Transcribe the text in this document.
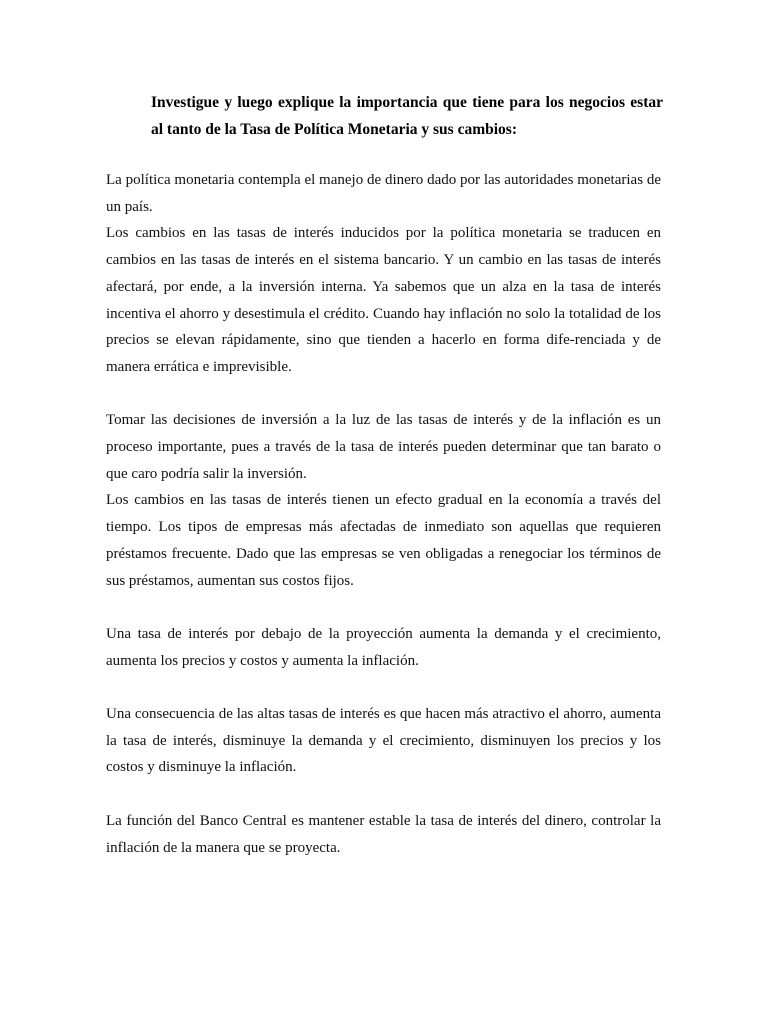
Investigue y luego explique la importancia que tiene para los negocios estar al tanto de la Tasa de Política Monetaria y sus cambios:

La política monetaria contempla el manejo de dinero dado por las autoridades monetarias de un país.

Los cambios en las tasas de interés inducidos por la política monetaria se traducen en cambios en las tasas de interés en el sistema bancario. Y un cambio en las tasas de interés afectará, por ende, a la inversión interna. Ya sabemos que un alza en la tasa de interés incentiva el ahorro y desestimula el crédito. Cuando hay inflación no solo la totalidad de los precios se elevan rápidamente, sino que tienden a hacerlo en forma dife-renciada y de manera errática e imprevisible.

Tomar las decisiones de inversión a la luz de las tasas de interés y de la inflación es un proceso importante, pues a través de la tasa de interés pueden determinar que tan barato o que caro podría salir la inversión.

Los cambios en las tasas de interés tienen un efecto gradual en la economía a través del tiempo. Los tipos de empresas más afectadas de inmediato son aquellas que requieren préstamos frecuente. Dado que las empresas se ven obligadas a renegociar los términos de sus préstamos, aumentan sus costos fijos.

Una tasa de interés por debajo de la proyección aumenta la demanda y el crecimiento, aumenta los precios y costos y aumenta la inflación.

Una consecuencia de las altas tasas de interés es que hacen más atractivo el ahorro, aumenta la tasa de interés, disminuye la demanda y el crecimiento, disminuyen los precios y los costos y disminuye la inflación.

La función del Banco Central es mantener estable la tasa de interés del dinero, controlar la inflación de la manera que se proyecta.
